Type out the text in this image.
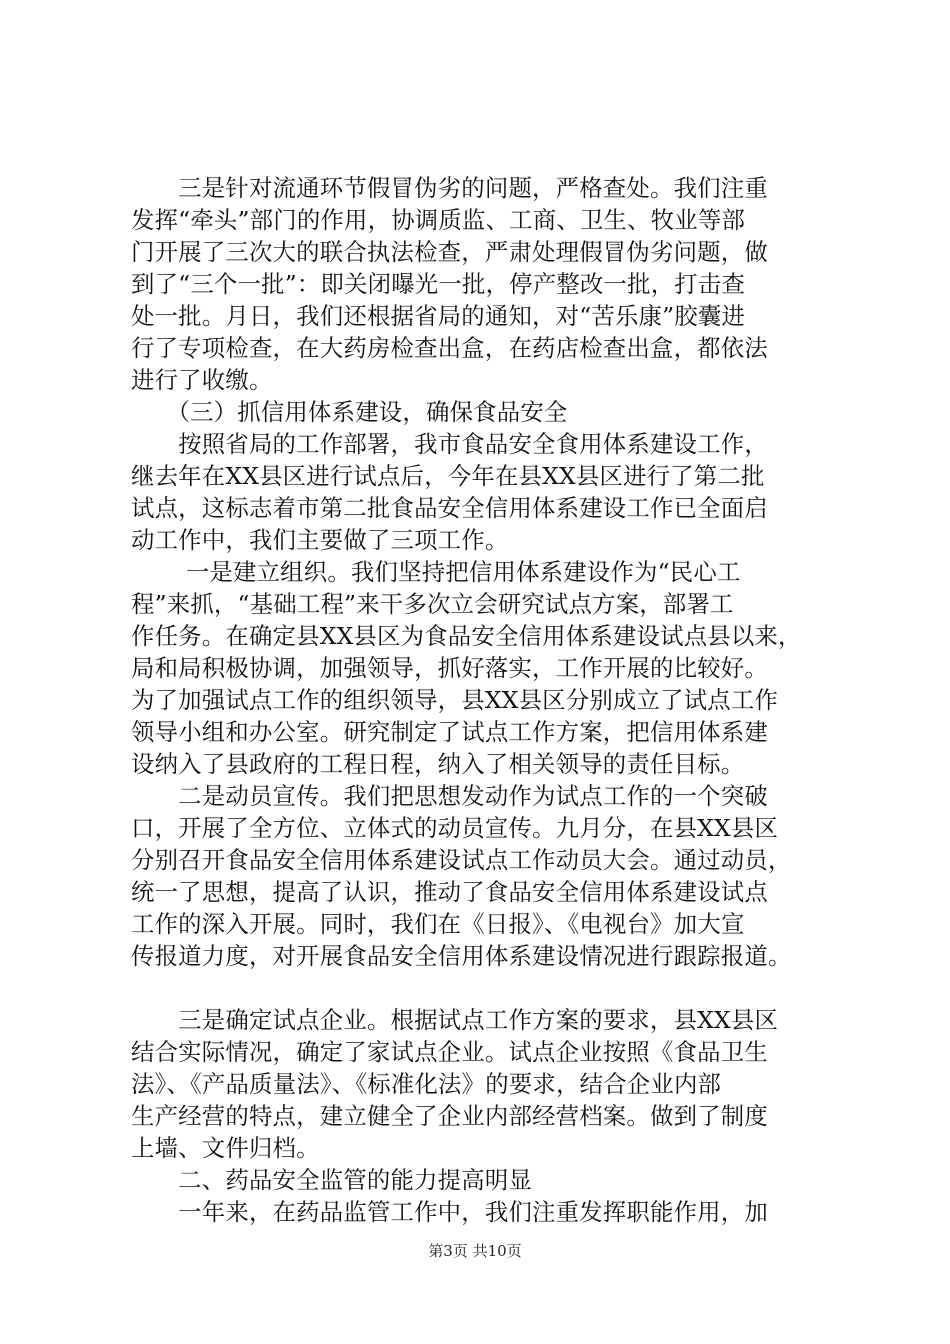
　　三是针对流通环节假冒伪劣的问题，严格查处。我们注重
发挥“牵头”部门的作用，协调质监、工商、卫生、牧业等部
门开展了三次大的联合执法检查，严肃处理假冒伪劣问题，做
到了“三个一批”：即关闭曝光一批，停产整改一批，打击查
处一批。月日，我们还根据省局的通知，对“苦乐康”胶囊进
行了专项检查，在大药房检查出盒，在药店检查出盒，都依法
进行了收缴。
　　（三）抓信用体系建设，确保食品安全
　　按照省局的工作部署，我市食品安全食用体系建设工作，
继去年在XX县区进行试点后，今年在县XX县区进行了第二批
试点，这标志着市第二批食品安全信用体系建设工作已全面启
动工作中，我们主要做了三项工作。
　　 一是建立组织。我们坚持把信用体系建设作为“民心工
程”来抓，“基础工程”来干多次立会研究试点方案，部署工
作任务。在确定县XX县区为食品安全信用体系建设试点县以来，
局和局积极协调，加强领导，抓好落实，工作开展的比较好。
为了加强试点工作的组织领导，县XX县区分别成立了试点工作
领导小组和办公室。研究制定了试点工作方案，把信用体系建
设纳入了县政府的工程日程，纳入了相关领导的责任目标。
　　二是动员宣传。我们把思想发动作为试点工作的一个突破
口，开展了全方位、立体式的动员宣传。九月分，在县XX县区
分别召开食品安全信用体系建设试点工作动员大会。通过动员，
统一了思想，提高了认识，推动了食品安全信用体系建设试点
工作的深入开展。同时，我们在《日报》、《电视台》加大宣
传报道力度，对开展食品安全信用体系建设情况进行跟踪报道。
　　三是确定试点企业。根据试点工作方案的要求，县XX县区
结合实际情况，确定了家试点企业。试点企业按照《食品卫生
法》、《产品质量法》、《标准化法》的要求，结合企业内部
生产经营的特点，建立健全了企业内部经营档案。做到了制度
上墙、文件归档。
　　二、药品安全监管的能力提高明显
　　一年来，在药品监管工作中，我们注重发挥职能作用，加
第3页 共10页
